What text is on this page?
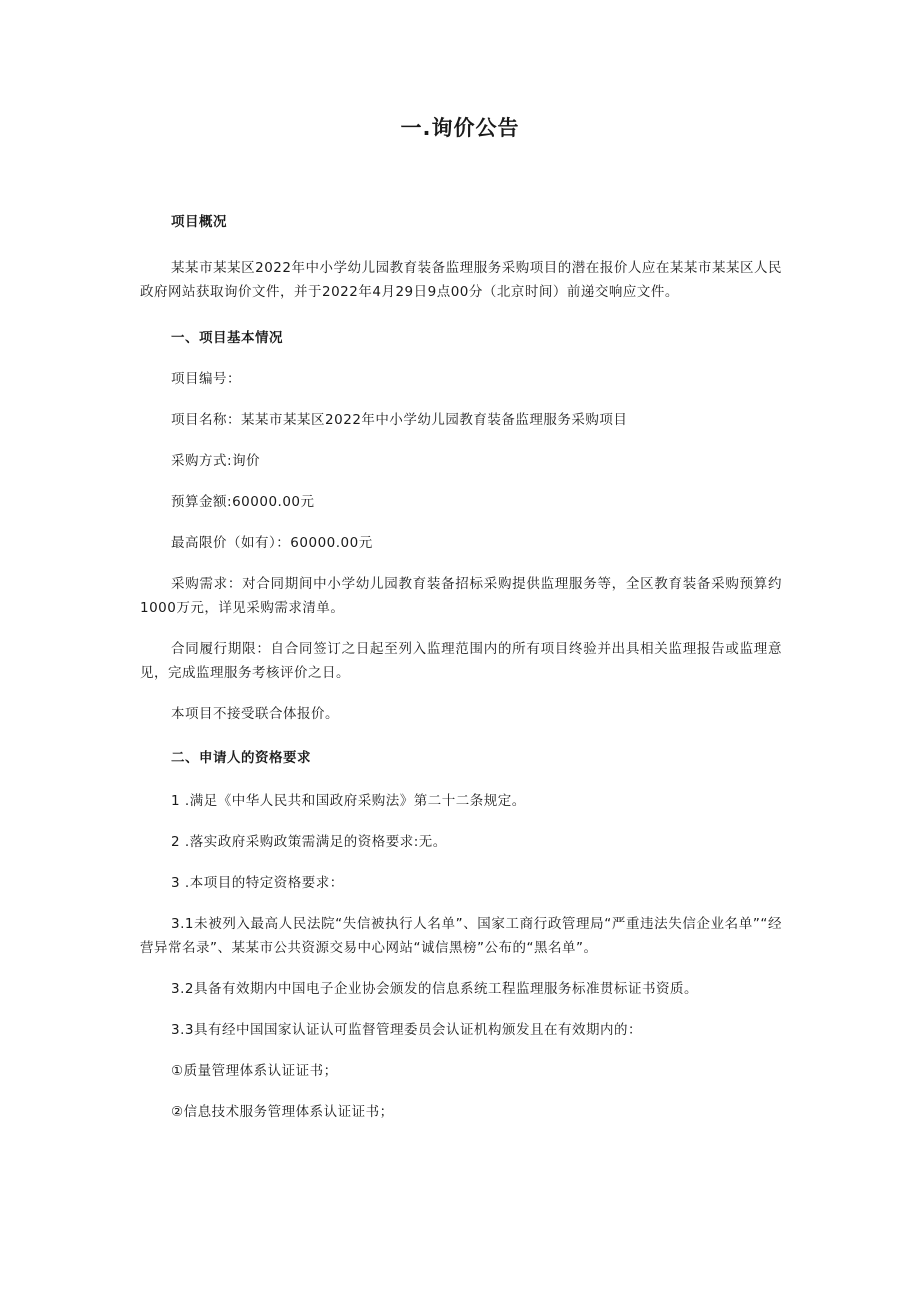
一.询价公告

项目概况

某某市某某区2022年中小学幼儿园教育装备监理服务采购项目的潜在报价人应在某某市某某区人民政府网站获取询价文件，并于2022年4月29日9点00分（北京时间）前递交响应文件。

一、项目基本情况

项目编号：

项目名称：某某市某某区2022年中小学幼儿园教育装备监理服务采购项目

采购方式:询价

预算金额:60000.00元

最高限价（如有）：60000.00元

采购需求：对合同期间中小学幼儿园教育装备招标采购提供监理服务等，全区教育装备采购预算约1000万元，详见采购需求清单。

合同履行期限：自合同签订之日起至列入监理范围内的所有项目终验并出具相关监理报告或监理意见，完成监理服务考核评价之日。

本项目不接受联合体报价。

二、申请人的资格要求

1 .满足《中华人民共和国政府采购法》第二十二条规定。

2 .落实政府采购政策需满足的资格要求:无。

3 .本项目的特定资格要求：

3.1未被列入最高人民法院“失信被执行人名单”、国家工商行政管理局“严重违法失信企业名单”“经营异常名录”、某某市公共资源交易中心网站“诚信黑榜”公布的“黑名单”。

3.2具备有效期内中国电子企业协会颁发的信息系统工程监理服务标准贯标证书资质。

3.3具有经中国国家认证认可监督管理委员会认证机构颁发且在有效期内的：

①质量管理体系认证证书；

②信息技术服务管理体系认证证书；
